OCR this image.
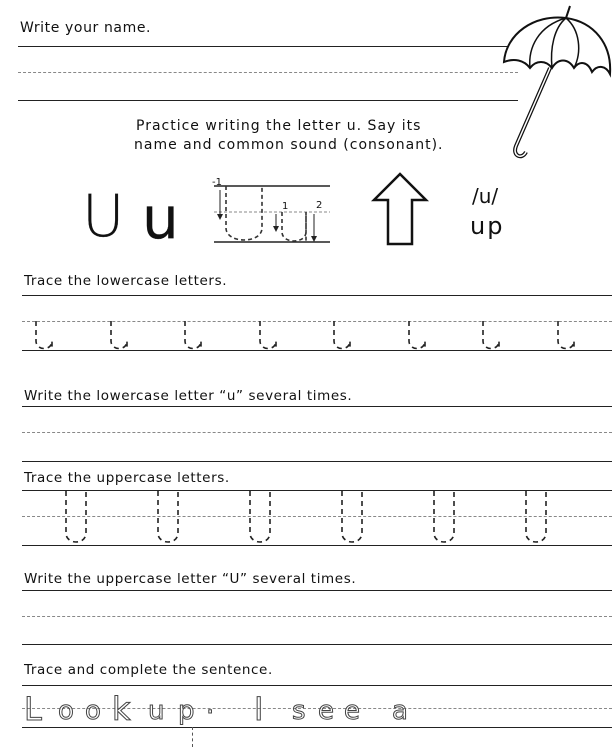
Write your name.
Practice writing the letter u. Say its
name and common sound (consonant).
U u
-1
1	2	/u/
up
Trace the lowercase letters.
Write the lowercase letter “u” several times.
Trace the uppercase letters.
Write the uppercase letter “U” several times.
Trace and complete the sentence.
L o o k u p . I s e e a
